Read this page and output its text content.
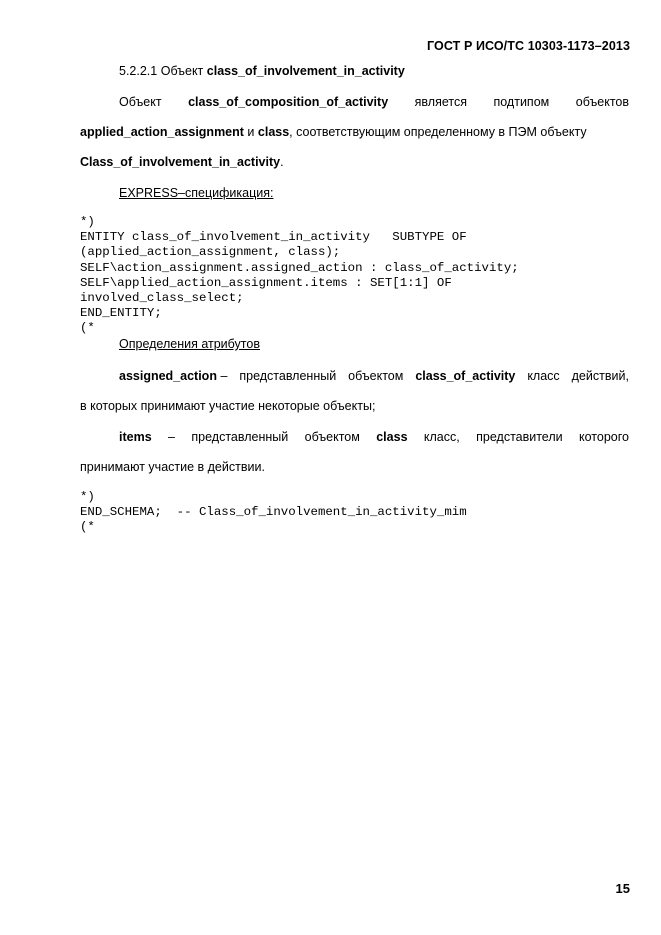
ГОСТ Р ИСО/ТС 10303-1173–2013
5.2.2.1 Объект class_of_involvement_in_activity
Объект class_of_composition_of_activity является подтипом объектов
applied_action_assignment и class, соответствующим определенному в ПЭМ объекту
Class_of_involvement_in_activity.
EXPRESS–спецификация:
*)
ENTITY class_of_involvement_in_activity   SUBTYPE OF
(applied_action_assignment, class);
SELF\action_assignment.assigned_action : class_of_activity;
SELF\applied_action_assignment.items : SET[1:1] OF
involved_class_select;
END_ENTITY;
(*
Определения атрибутов
assigned_action – представленный объектом class_of_activity класс действий,
в которых принимают участие некоторые объекты;
items – представленный объектом class класс, представители которого
принимают участие в действии.
*)
END_SCHEMA;  -- Class_of_involvement_in_activity_mim
(*
15
